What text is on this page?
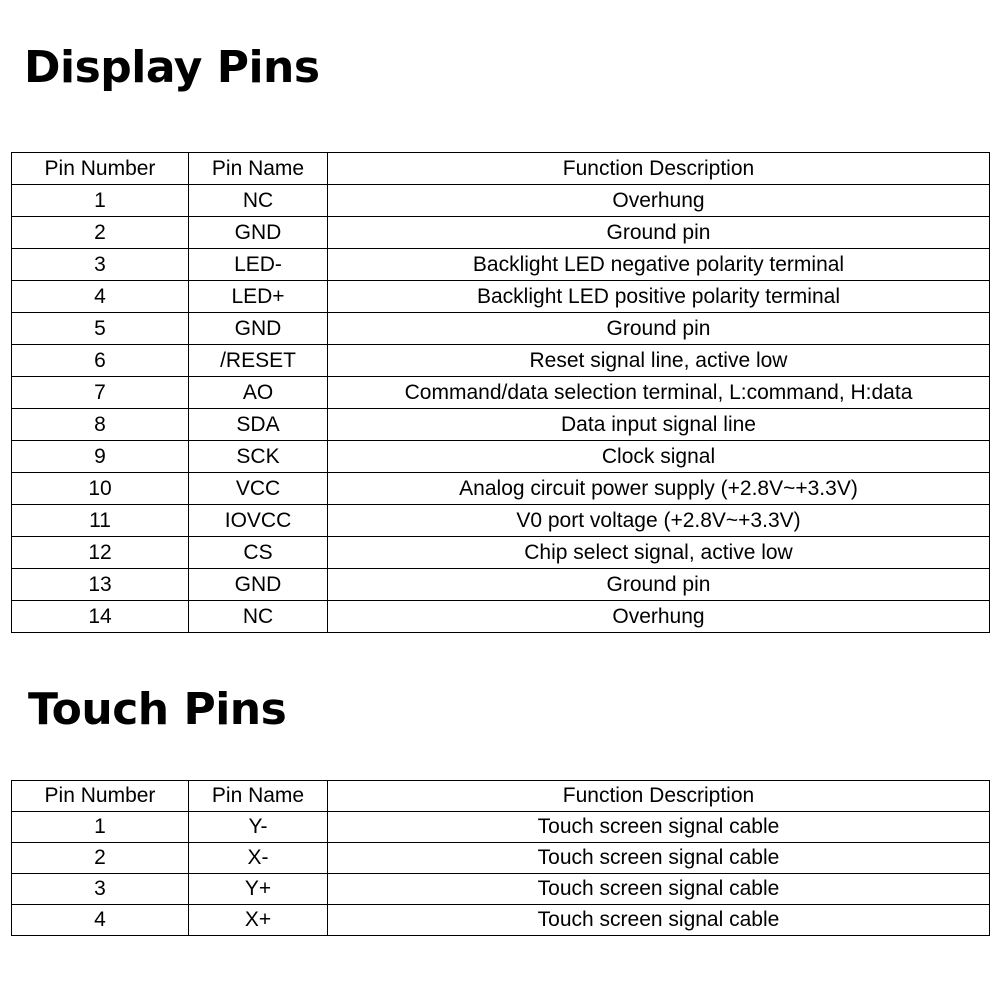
Display Pins
Pin Number	Pin Name	Function Description
1	NC	Overhung
2	GND	Ground pin
3	LED-	Backlight LED negative polarity terminal
4	LED+	Backlight LED positive polarity terminal
5	GND	Ground pin
6	/RESET	Reset signal line, active low
7	AO	Command/data selection terminal, L:command, H:data
8	SDA	Data input signal line
9	SCK	Clock signal
10	VCC	Analog circuit power supply (+2.8V~+3.3V)
11	IOVCC	V0 port voltage (+2.8V~+3.3V)
12	CS	Chip select signal, active low
13	GND	Ground pin
14	NC	Overhung
Touch Pins
Pin Number	Pin Name	Function Description
1	Y-	Touch screen signal cable
2	X-	Touch screen signal cable
3	Y+	Touch screen signal cable
4	X+	Touch screen signal cable
